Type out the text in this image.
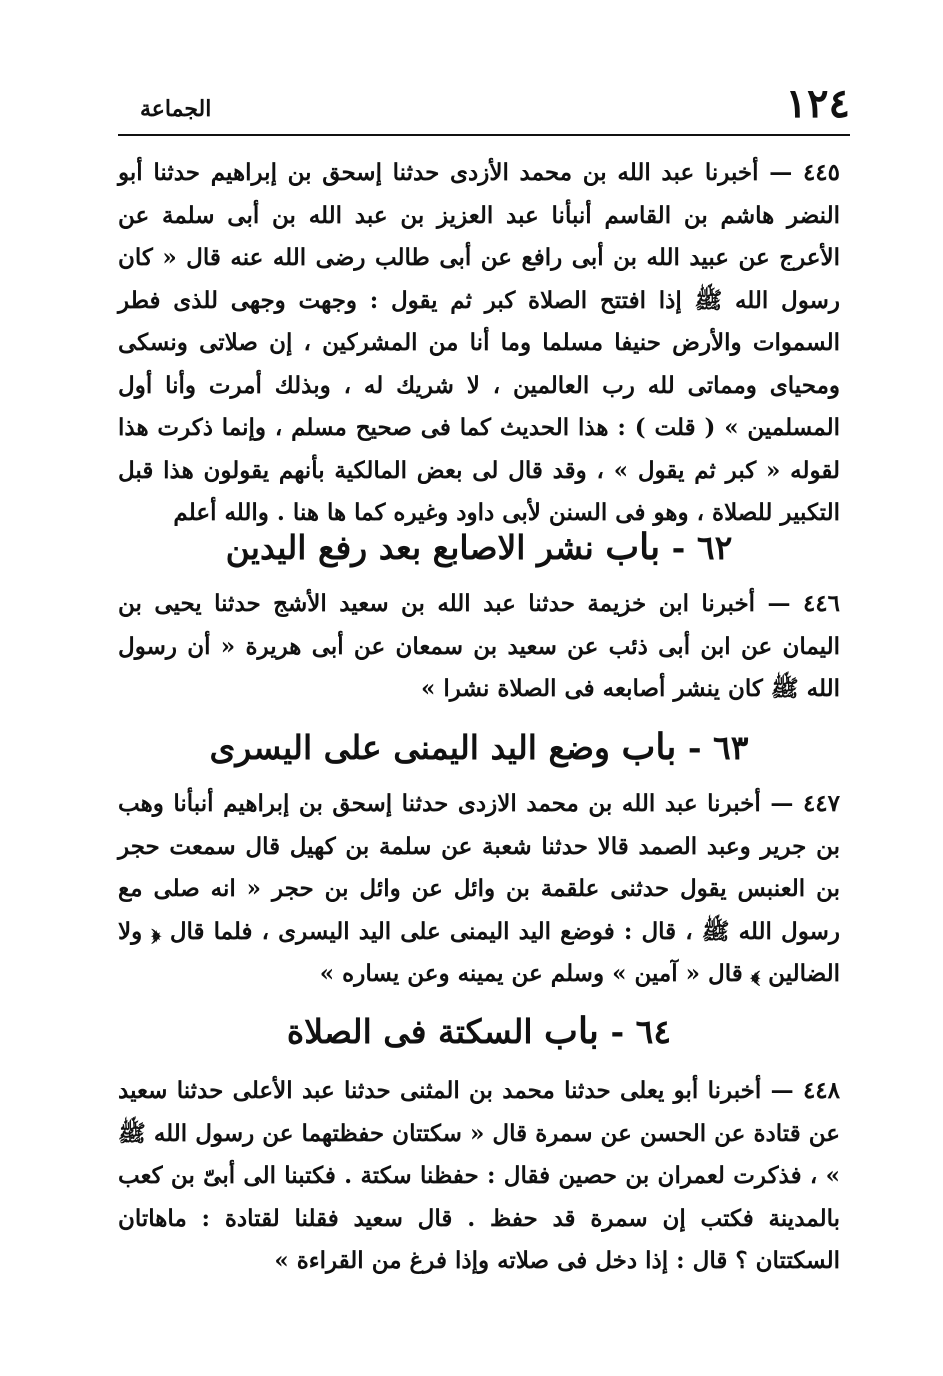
١٢٤
الجماعة

٤٤٥ — أخبرنا عبد الله بن محمد الأزدى حدثنا إسحق بن إبراهيم حدثنا أبو النضر هاشم بن القاسم أنبأنا عبد العزيز بن عبد الله بن أبى سلمة عن الأعرج عن عبيد الله بن أبى رافع عن أبى طالب رضى الله عنه قال « كان رسول الله ﷺ إذا افتتح الصلاة كبر ثم يقول : وجهت وجهى للذى فطر السموات والأرض حنيفا مسلما وما أنا من المشركين ، إن صلاتى ونسكى ومحياى ومماتى لله رب العالمين ، لا شريك له ، وبذلك أمرت وأنا أول المسلمين » ( قلت ) : هذا الحديث كما فى صحيح مسلم ، وإنما ذكرت هذا لقوله « كبر ثم يقول » ، وقد قال لى بعض المالكية بأنهم يقولون هذا قبل التكبير للصلاة ، وهو فى السنن لأبى داود وغيره كما ها هنا . والله أعلم

٦٢ - باب نشر الاصابع بعد رفع اليدين

٤٤٦ — أخبرنا ابن خزيمة حدثنا عبد الله بن سعيد الأشج حدثنا يحيى بن اليمان عن ابن أبى ذئب عن سعيد بن سمعان عن أبى هريرة « أن رسول الله ﷺ كان ينشر أصابعه فى الصلاة نشرا »

٦٣ - باب وضع اليد اليمنى على اليسرى

٤٤٧ — أخبرنا عبد الله بن محمد الازدى حدثنا إسحق بن إبراهيم أنبأنا وهب بن جرير وعبد الصمد قالا حدثنا شعبة عن سلمة بن كهيل قال سمعت حجر بن العنبس يقول حدثنى علقمة بن وائل عن وائل بن حجر « انه صلى مع رسول الله ﷺ ، قال : فوضع اليد اليمنى على اليد اليسرى ، فلما قال ﴿ ولا الضالين ﴾ قال « آمين » وسلم عن يمينه وعن يساره »

٦٤ - باب السكتة فى الصلاة

٤٤٨ — أخبرنا أبو يعلى حدثنا محمد بن المثنى حدثنا عبد الأعلى حدثنا سعيد عن قتادة عن الحسن عن سمرة قال « سكتتان حفظتهما عن رسول الله ﷺ » ، فذكرت لعمران بن حصين فقال : حفظنا سكتة . فكتبنا الى أبىّ بن كعب بالمدينة فكتب إن سمرة قد حفظ . قال سعيد فقلنا لقتادة : ماهاتان السكتتان ؟ قال : إذا دخل فى صلاته وإذا فرغ من القراءة »
